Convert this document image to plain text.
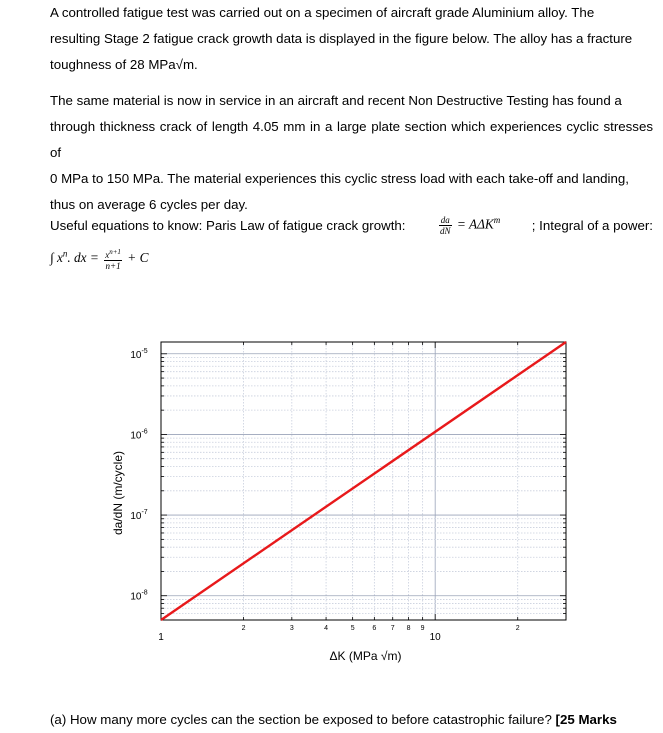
A controlled fatigue test was carried out on a specimen of aircraft grade Aluminium alloy. The

resulting Stage 2 fatigue crack growth data is displayed in the figure below. The alloy has a fracture

toughness of 28 MPa√m.

The same material is now in service in an aircraft and recent Non Destructive Testing has found a

through thickness crack of length 4.05 mm in a large plate section which experiences cyclic stresses of

0 MPa to 150 MPa. The material experiences this cyclic stress load with each take-off and landing,

thus on average 6 cycles per day.

Useful equations to know: Paris Law of fatigue crack growth:	$\frac{da}{dN} = A\Delta K^m$ ; Integral of a power:
∫ $x^n$. dx = $\frac{x^{n+1}}{n+1} + C$
$10^{-5}$
$10^{-6}$
$10^{-7}$
$10^{-8}$
1	10
2	3	4	5	6 7 8 9	2
ΔK (MPa √m)
da/dN (m/cycle)
(a) How many more cycles can the section be exposed to before catastrophic failure? [25 Marks
